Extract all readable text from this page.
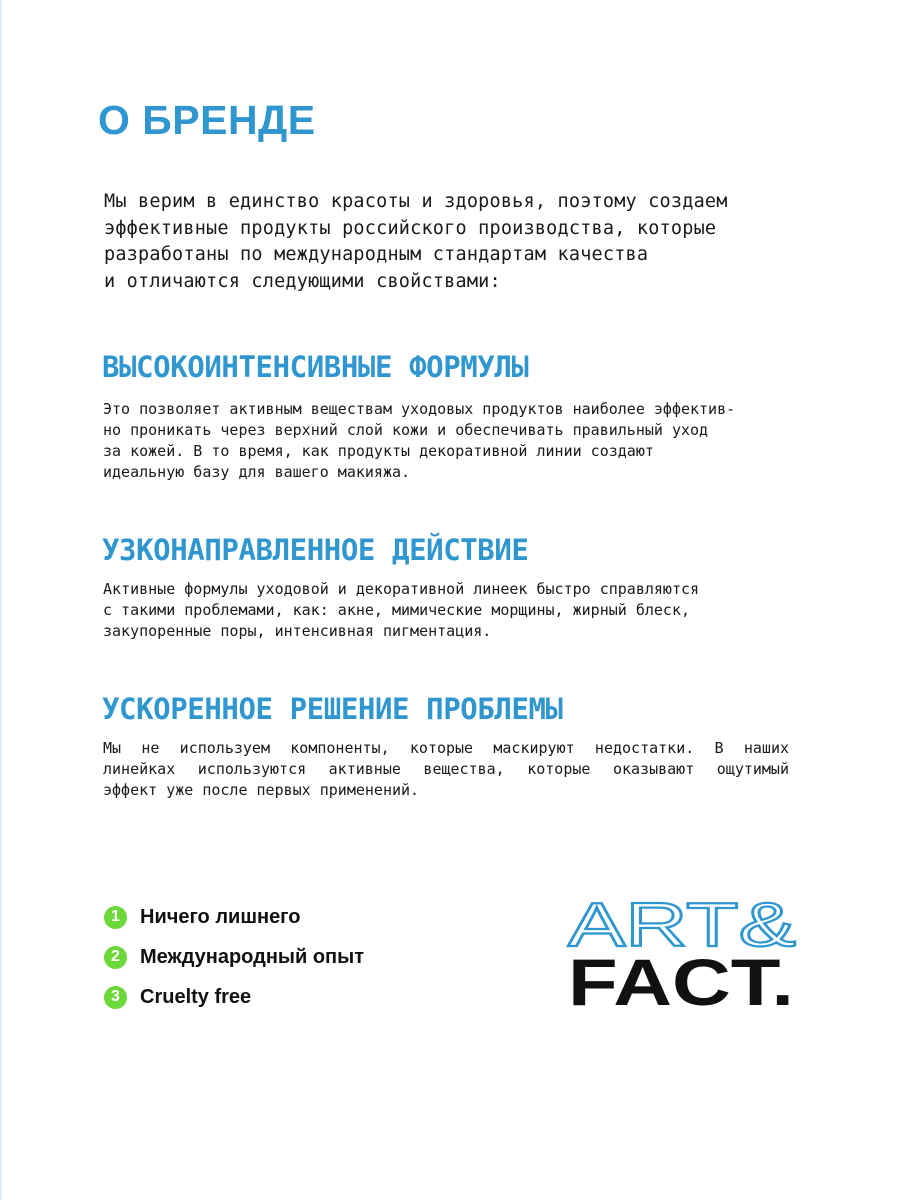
О БРЕНДЕ

Мы верим в единство красоты и здоровья, поэтому создаем
эффективные продукты российского производства, которые
разработаны по международным стандартам качества
и отличаются следующими свойствами:

ВЫСОКОИНТЕНСИВНЫЕ ФОРМУЛЫ

Это позволяет активным веществам уходовых продуктов наиболее эффектив-
но проникать через верхний слой кожи и обеспечивать правильный уход
за кожей. В то время, как продукты декоративной линии создают
идеальную базу для вашего макияжа.

УЗКОНАПРАВЛЕННОЕ ДЕЙСТВИЕ

Активные формулы уходовой и декоративной линеек быстро справляются
с такими проблемами, как: акне, мимические морщины, жирный блеск,
закупоренные поры, интенсивная пигментация.

УСКОРЕННОЕ РЕШЕНИЕ ПРОБЛЕМЫ

Мы не используем компоненты, которые маскируют недостатки. В наших
линейках используются активные вещества, которые оказывают ощутимый
эффект уже после первых применений.

1	Ничего лишнего
2	Международный опыт
3	Cruelty free
ART&
FACT.
